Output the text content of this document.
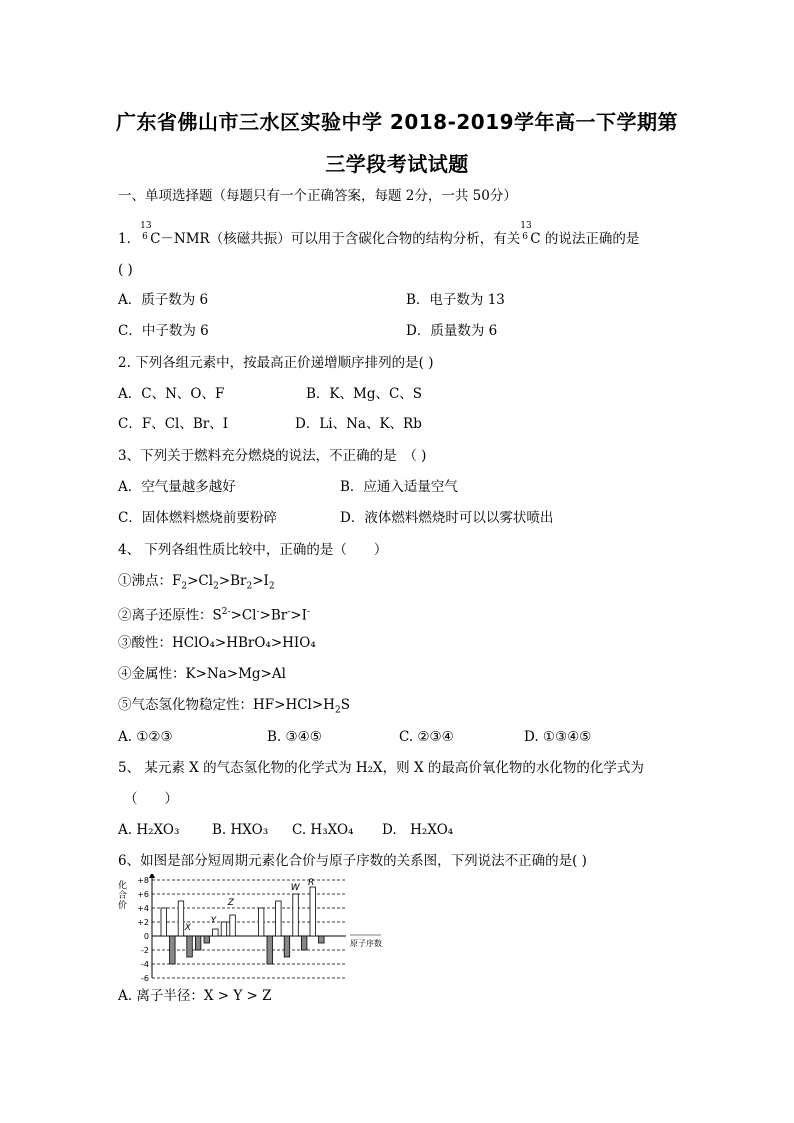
广东省佛山市三水区实验中学 2018-2019学年高一下学期第
三学段考试试题
一、单项选择题（每题只有一个正确答案，每题 2分，一共 50分）
1．
13
6 C－NMR（核磁共振）可以用于含碳化合物的结构分析，有关
13
6 C 的说法正确的是
( )
A．质子数为 6	B．电子数为 13
C．中子数为 6	D．质量数为 6
2. 下列各组元素中，按最高正价递增顺序排列的是( )
A．C、N、O、F	B．K、Mg、C、S
C．F、Cl、Br、I	D．Li、Na、K、Rb
3、下列关于燃料充分燃烧的说法，不正确的是　（ )
A．空气量越多越好	B．应通入适量空气
C．固体燃料燃烧前要粉碎	D．液体燃料燃烧时可以以雾状喷出
4、 下列各组性质比较中，正确的是（　　）
①沸点：$F_2>Cl_2>Br_2>I_2$
②离子还原性：$S^{2-}>Cl^->Br^->I^-$
③酸性：HClO₄>HBrO₄>HIO₄
④金属性：K>Na>Mg>Al
⑤气态氢化物稳定性：$HF>HCl>H_2S$
A. ①②③	B. ③④⑤	C. ②③④	D. ①③④⑤
5、 某元素 X 的气态氢化物的化学式为 H₂X，则 X 的最高价氧化物的水化物的化学式为
（　　）
A. H₂XO₃ B. HXO₃ C. H₃XO₄ D.　H₂XO₄
6、如图是部分短周期元素化合价与原子序数的关系图，下列说法不正确的是( )
化合价
+8
+6
+4
+2
0
-2
-4
-6
原子序数
X
Y
Z
W R
A. 离子半径：X > Y > Z
